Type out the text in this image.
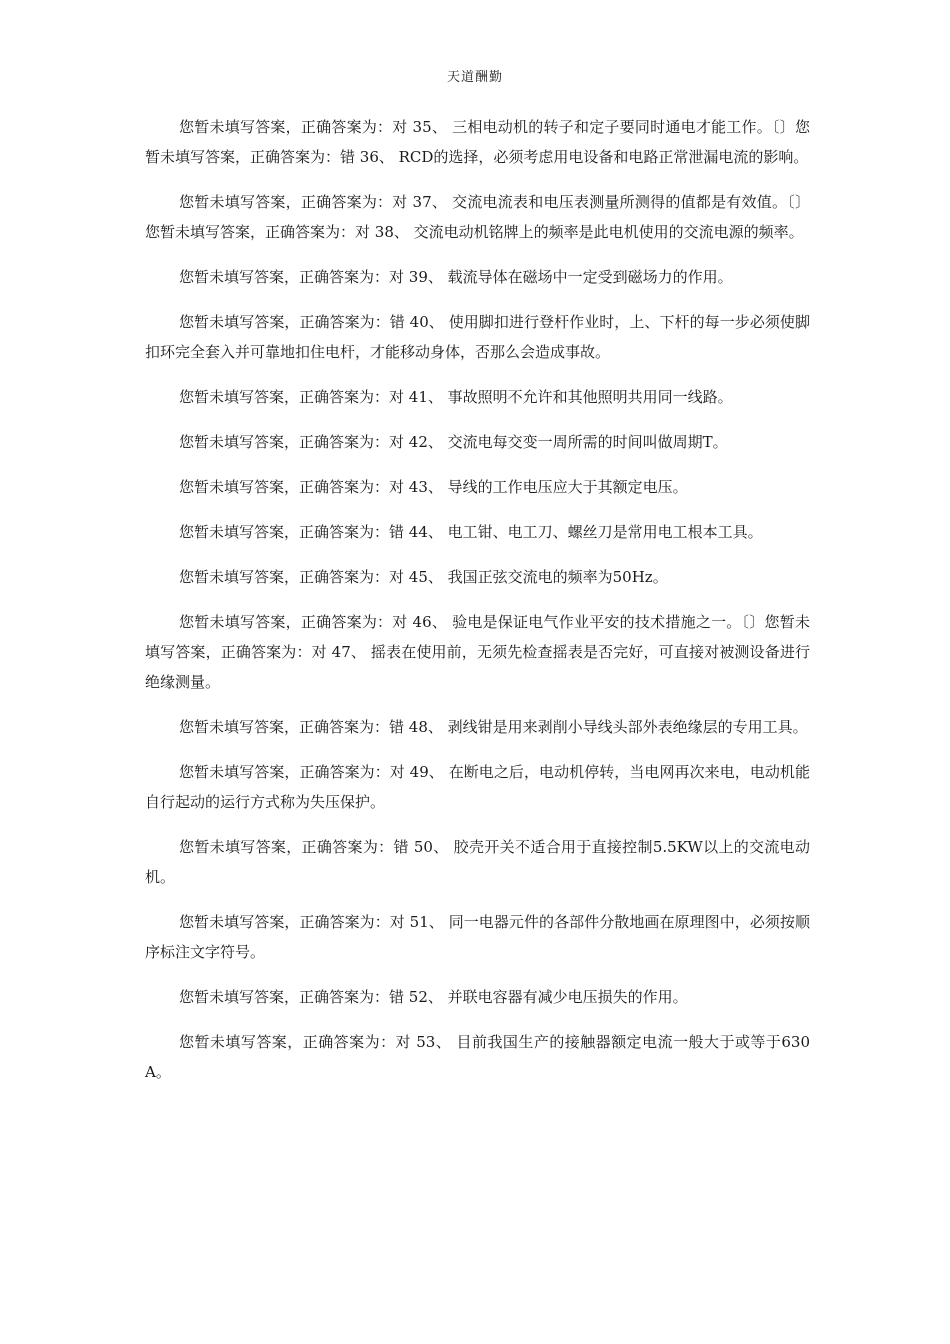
天道酬勤

您暂未填写答案，正确答案为：对 35、 三相电动机的转子和定子要同时通电才能工作。〔〕您暂未填写答案，正确答案为：错 36、 RCD的选择，必须考虑用电设备和电路正常泄漏电流的影响。

您暂未填写答案，正确答案为：对 37、 交流电流表和电压表测量所测得的值都是有效值。〔〕您暂未填写答案，正确答案为：对 38、 交流电动机铭牌上的频率是此电机使用的交流电源的频率。

您暂未填写答案，正确答案为：对 39、 载流导体在磁场中一定受到磁场力的作用。

您暂未填写答案，正确答案为：错 40、 使用脚扣进行登杆作业时，上、下杆的每一步必须使脚扣环完全套入并可靠地扣住电杆，才能移动身体，否那么会造成事故。

您暂未填写答案，正确答案为：对 41、 事故照明不允许和其他照明共用同一线路。

您暂未填写答案，正确答案为：对 42、 交流电每交变一周所需的时间叫做周期T。

您暂未填写答案，正确答案为：对 43、 导线的工作电压应大于其额定电压。

您暂未填写答案，正确答案为：错 44、 电工钳、电工刀、螺丝刀是常用电工根本工具。

您暂未填写答案，正确答案为：对 45、 我国正弦交流电的频率为50Hz。

您暂未填写答案，正确答案为：对 46、 验电是保证电气作业平安的技术措施之一。〔〕您暂未填写答案，正确答案为：对 47、 摇表在使用前，无须先检查摇表是否完好，可直接对被测设备进行绝缘测量。

您暂未填写答案，正确答案为：错 48、 剥线钳是用来剥削小导线头部外表绝缘层的专用工具。

您暂未填写答案，正确答案为：对 49、 在断电之后，电动机停转，当电网再次来电，电动机能自行起动的运行方式称为失压保护。

您暂未填写答案，正确答案为：错 50、 胶壳开关不适合用于直接控制5.5KW以上的交流电动机。

您暂未填写答案，正确答案为：对 51、 同一电器元件的各部件分散地画在原理图中，必须按顺序标注文字符号。

您暂未填写答案，正确答案为：错 52、 并联电容器有减少电压损失的作用。

您暂未填写答案，正确答案为：对 53、 目前我国生产的接触器额定电流一般大于或等于630A。
